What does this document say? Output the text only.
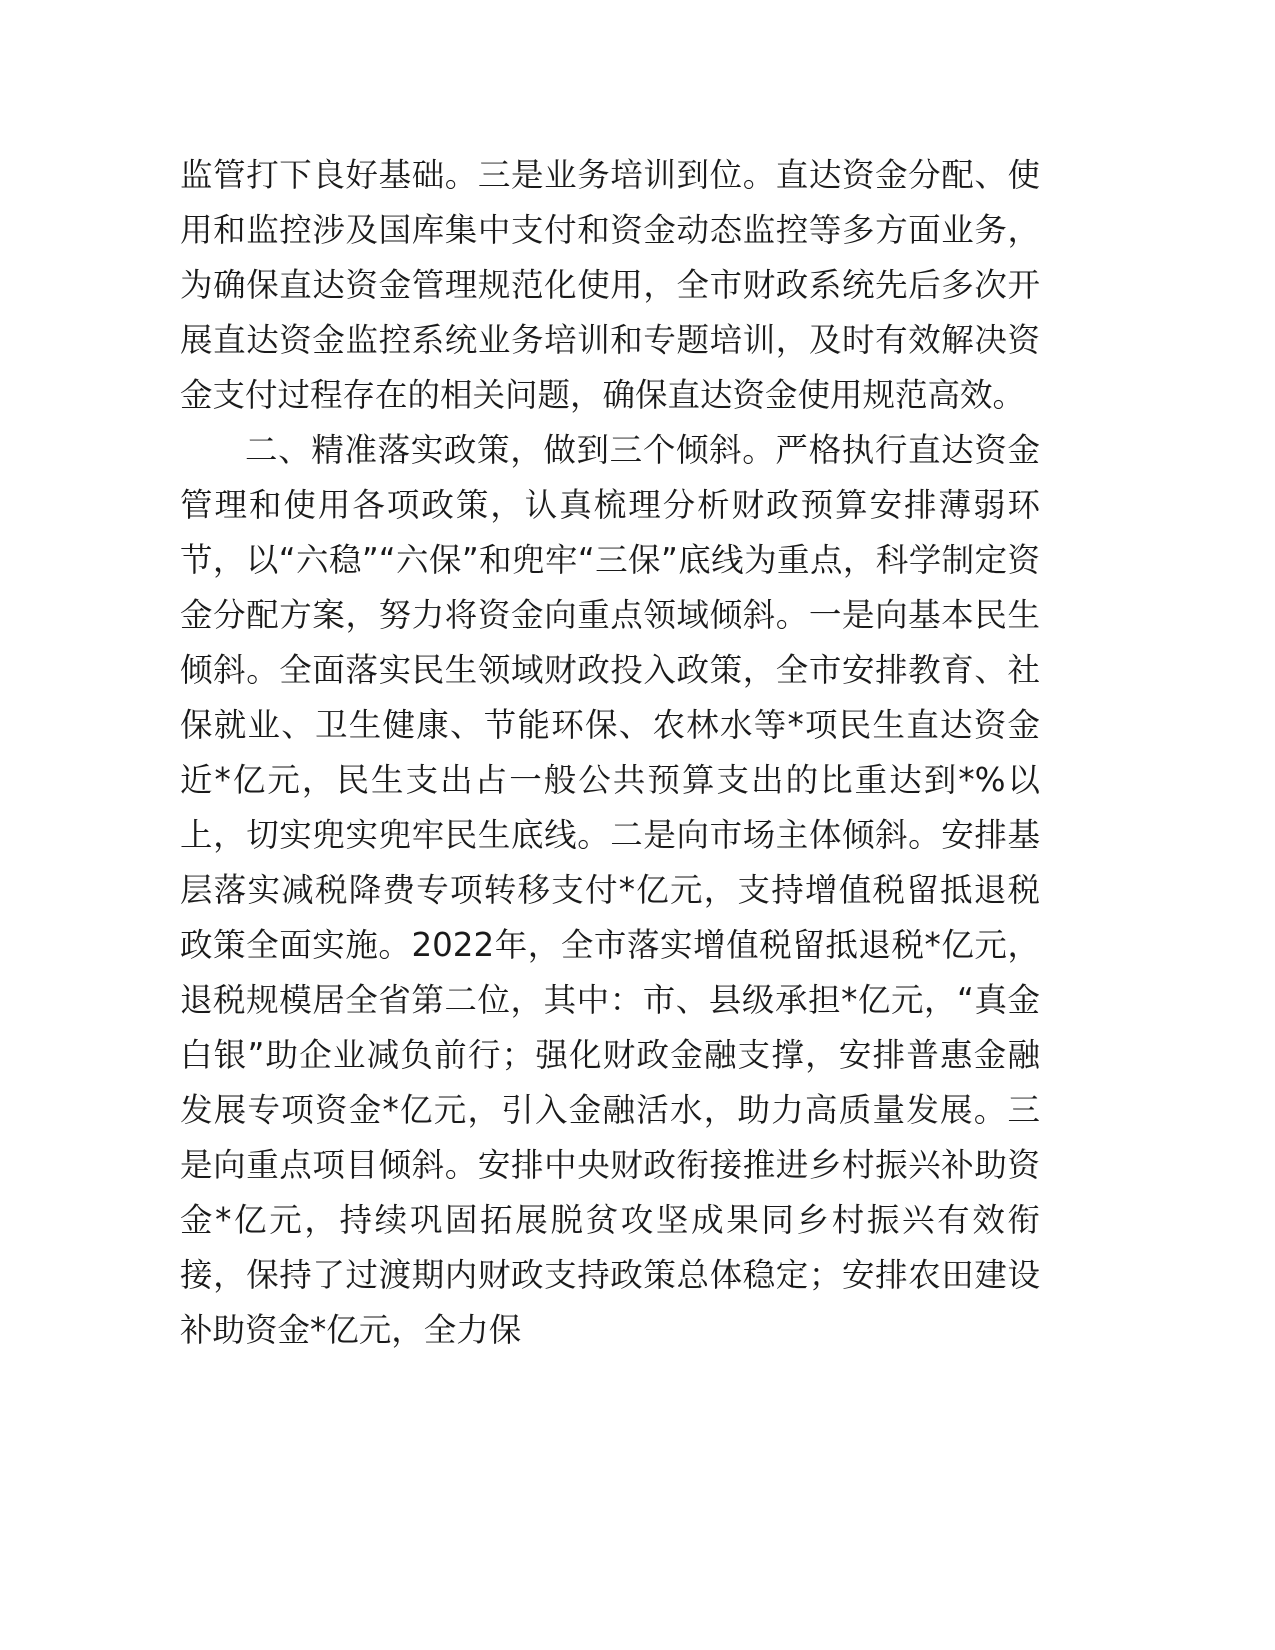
监管打下良好基础。三是业务培训到位。直达资金分配、使用和监控涉及国库集中支付和资金动态监控等多方面业务，为确保直达资金管理规范化使用，全市财政系统先后多次开展直达资金监控系统业务培训和专题培训，及时有效解决资金支付过程存在的相关问题，确保直达资金使用规范高效。

二、精准落实政策，做到三个倾斜。严格执行直达资金管理和使用各项政策，认真梳理分析财政预算安排薄弱环节，以“六稳”“六保”和兜牢“三保”底线为重点，科学制定资金分配方案，努力将资金向重点领域倾斜。一是向基本民生倾斜。全面落实民生领域财政投入政策，全市安排教育、社保就业、卫生健康、节能环保、农林水等*项民生直达资金近*亿元，民生支出占一般公共预算支出的比重达到*%以上，切实兜实兜牢民生底线。二是向市场主体倾斜。安排基层落实减税降费专项转移支付*亿元，支持增值税留抵退税政策全面实施。2022年，全市落实增值税留抵退税*亿元，退税规模居全省第二位，其中：市、县级承担*亿元，“真金白银”助企业减负前行；强化财政金融支撑，安排普惠金融发展专项资金*亿元，引入金融活水，助力高质量发展。三是向重点项目倾斜。安排中央财政衔接推进乡村振兴补助资金*亿元，持续巩固拓展脱贫攻坚成果同乡村振兴有效衔接，保持了过渡期内财政支持政策总体稳定；安排农田建设补助资金*亿元，全力保
